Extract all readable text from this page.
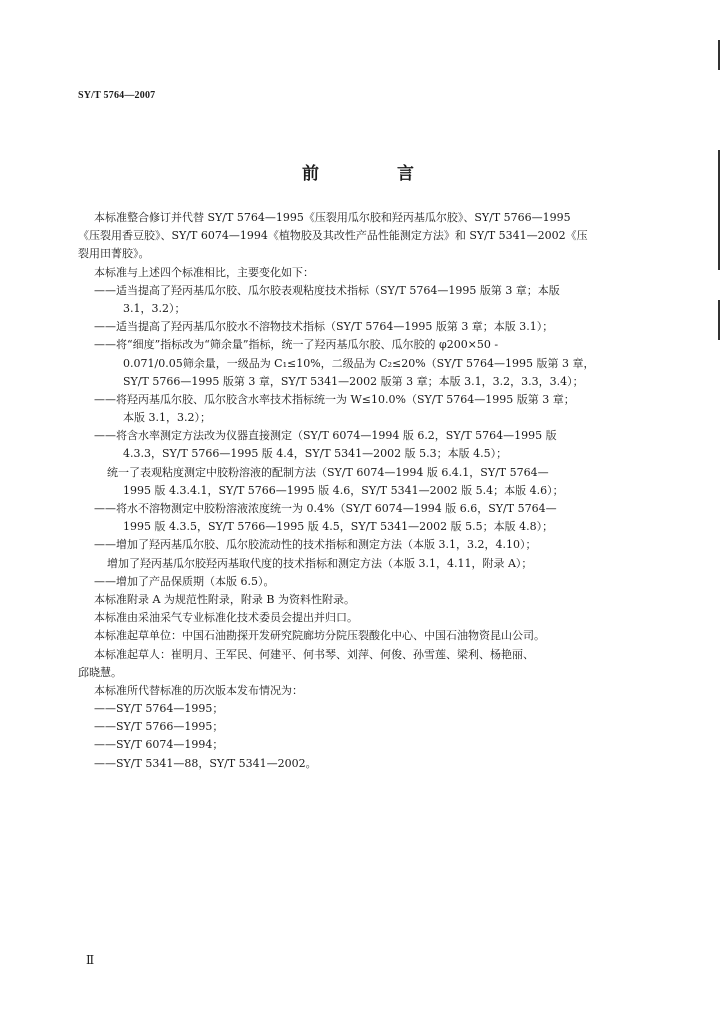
SY/T 5764—2007
前 言
本标准整合修订并代替 SY/T 5764—1995《压裂用瓜尔胶和羟丙基瓜尔胶》、SY/T 5766—1995
《压裂用香豆胶》、SY/T 6074—1994《植物胶及其改性产品性能测定方法》和 SY/T 5341—2002《压
裂用田菁胶》。
本标准与上述四个标准相比，主要变化如下：
——适当提高了羟丙基瓜尔胶、瓜尔胶表观粘度技术指标（SY/T 5764—1995 版第 3 章；本版
3.1，3.2）；
——适当提高了羟丙基瓜尔胶水不溶物技术指标（SY/T 5764—1995 版第 3 章；本版 3.1）；
——将“细度”指标改为“筛余量”指标，统一了羟丙基瓜尔胶、瓜尔胶的 φ200×50 -
0.071/0.05筛余量，一级品为 C₁≤10%，二级品为 C₂≤20%（SY/T 5764—1995 版第 3 章，
SY/T 5766—1995 版第 3 章，SY/T 5341—2002 版第 3 章；本版 3.1，3.2，3.3，3.4）；
——将羟丙基瓜尔胶、瓜尔胶含水率技术指标统一为 W≤10.0%（SY/T 5764—1995 版第 3 章；
本版 3.1，3.2）；
——将含水率测定方法改为仪器直接测定（SY/T 6074—1994 版 6.2，SY/T 5764—1995 版
4.3.3，SY/T 5766—1995 版 4.4，SY/T 5341—2002 版 5.3；本版 4.5）；
统一了表观粘度测定中胶粉溶液的配制方法（SY/T 6074—1994 版 6.4.1，SY/T 5764—
1995 版 4.3.4.1，SY/T 5766—1995 版 4.6，SY/T 5341—2002 版 5.4；本版 4.6）；
——将水不溶物测定中胶粉溶液浓度统一为 0.4%（SY/T 6074—1994 版 6.6，SY/T 5764—
1995 版 4.3.5，SY/T 5766—1995 版 4.5，SY/T 5341—2002 版 5.5；本版 4.8）；
——增加了羟丙基瓜尔胶、瓜尔胶流动性的技术指标和测定方法（本版 3.1，3.2，4.10）；
增加了羟丙基瓜尔胶羟丙基取代度的技术指标和测定方法（本版 3.1，4.11，附录 A）；
——增加了产品保质期（本版 6.5）。
本标准附录 A 为规范性附录，附录 B 为资料性附录。
本标准由采油采气专业标准化技术委员会提出并归口。
本标准起草单位：中国石油勘探开发研究院廊坊分院压裂酸化中心、中国石油物资昆山公司。
本标准起草人：崔明月、王军民、何建平、何书琴、刘萍、何俊、孙雪莲、梁利、杨艳丽、
邱晓慧。
本标准所代替标准的历次版本发布情况为：
——SY/T 5764—1995；
——SY/T 5766—1995；
——SY/T 6074—1994；
——SY/T 5341—88，SY/T 5341—2002。
Ⅱ
